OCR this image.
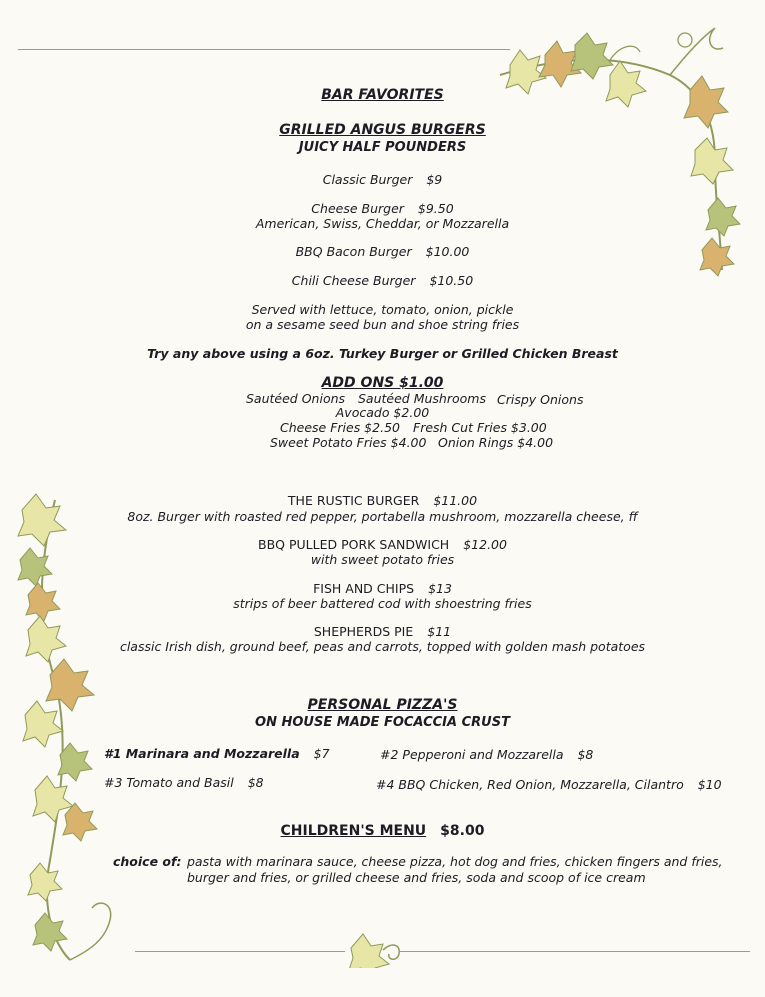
BAR FAVORITES
GRILLED ANGUS BURGERS
JUICY HALF POUNDERS
Classic Burger $9
Cheese Burger $9.50
American, Swiss, Cheddar, or Mozzarella
BBQ Bacon Burger $10.00
Chili Cheese Burger $10.50
Served with lettuce, tomato, onion, pickle
on a sesame seed bun and shoe string fries
Try any above using a 6oz. Turkey Burger or Grilled Chicken Breast
ADD ONS $1.00
Sautéed Onions Sautéed Mushrooms Crispy Onions
Avocado $2.00
Cheese Fries $2.50 Fresh Cut Fries $3.00
Sweet Potato Fries $4.00 Onion Rings $4.00
THE RUSTIC BURGER $11.00
8oz. Burger with roasted red pepper, portabella mushroom, mozzarella cheese, ff
BBQ PULLED PORK SANDWICH $12.00
with sweet potato fries
FISH AND CHIPS $13
strips of beer battered cod with shoestring fries
SHEPHERDS PIE $11
classic Irish dish, ground beef, peas and carrots, topped with golden mash potatoes
PERSONAL PIZZA'S
ON HOUSE MADE FOCACCIA CRUST
#1 Marinara and Mozzarella $7	#2 Pepperoni and Mozzarella $8
#3 Tomato and Basil $8	#4 BBQ Chicken, Red Onion, Mozzarella, Cilantro $10
CHILDREN'S MENU $8.00
choice of: pasta with marinara sauce, cheese pizza, hot dog and fries, chicken fingers and fries,
burger and fries, or grilled cheese and fries, soda and scoop of ice cream
